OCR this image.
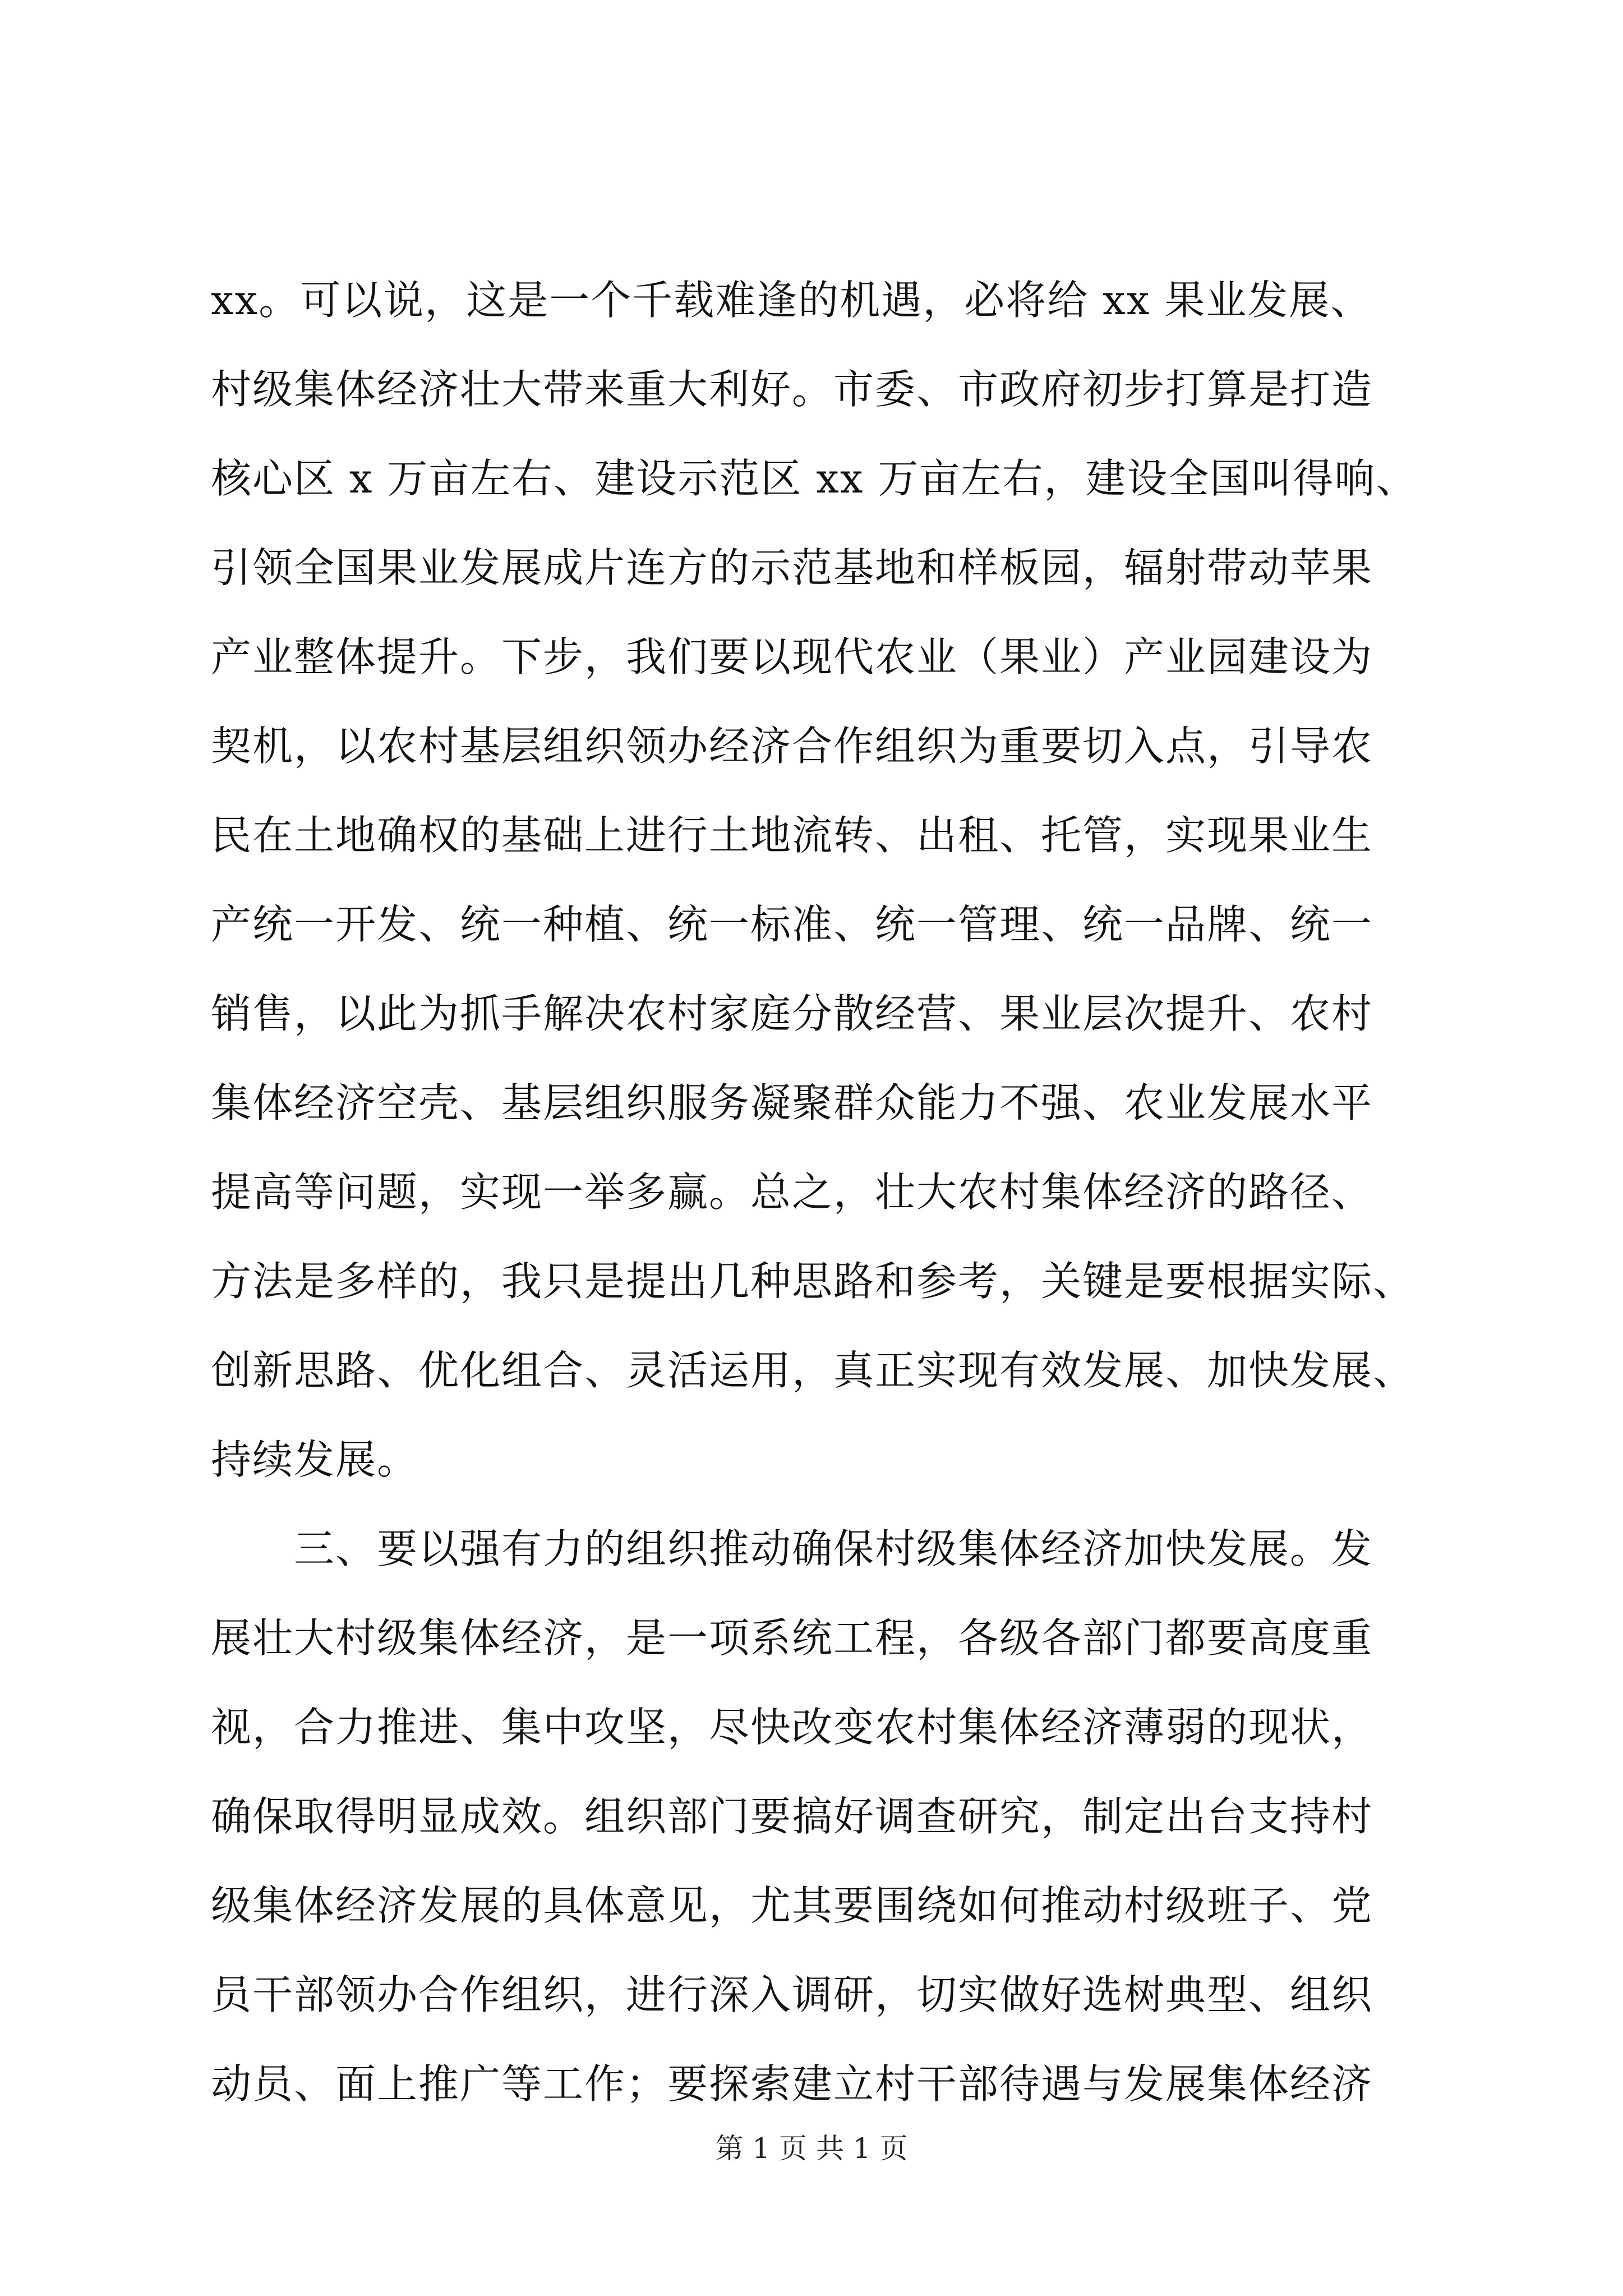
xx。可以说，这是一个千载难逢的机遇，必将给 xx 果业发展、
村级集体经济壮大带来重大利好。市委、市政府初步打算是打造
核心区 x 万亩左右、建设示范区 xx 万亩左右，建设全国叫得响、
引领全国果业发展成片连方的示范基地和样板园，辐射带动苹果
产业整体提升。下步，我们要以现代农业（果业）产业园建设为
契机，以农村基层组织领办经济合作组织为重要切入点，引导农
民在土地确权的基础上进行土地流转、出租、托管，实现果业生
产统一开发、统一种植、统一标准、统一管理、统一品牌、统一
销售，以此为抓手解决农村家庭分散经营、果业层次提升、农村
集体经济空壳、基层组织服务凝聚群众能力不强、农业发展水平
提高等问题，实现一举多赢。总之，壮大农村集体经济的路径、
方法是多样的，我只是提出几种思路和参考，关键是要根据实际、
创新思路、优化组合、灵活运用，真正实现有效发展、加快发展、
持续发展。
　　三、要以强有力的组织推动确保村级集体经济加快发展。发
展壮大村级集体经济，是一项系统工程，各级各部门都要高度重
视，合力推进、集中攻坚，尽快改变农村集体经济薄弱的现状，
确保取得明显成效。组织部门要搞好调查研究，制定出台支持村
级集体经济发展的具体意见，尤其要围绕如何推动村级班子、党
员干部领办合作组织，进行深入调研，切实做好选树典型、组织
动员、面上推广等工作；要探索建立村干部待遇与发展集体经济
第 1 页 共 1 页
